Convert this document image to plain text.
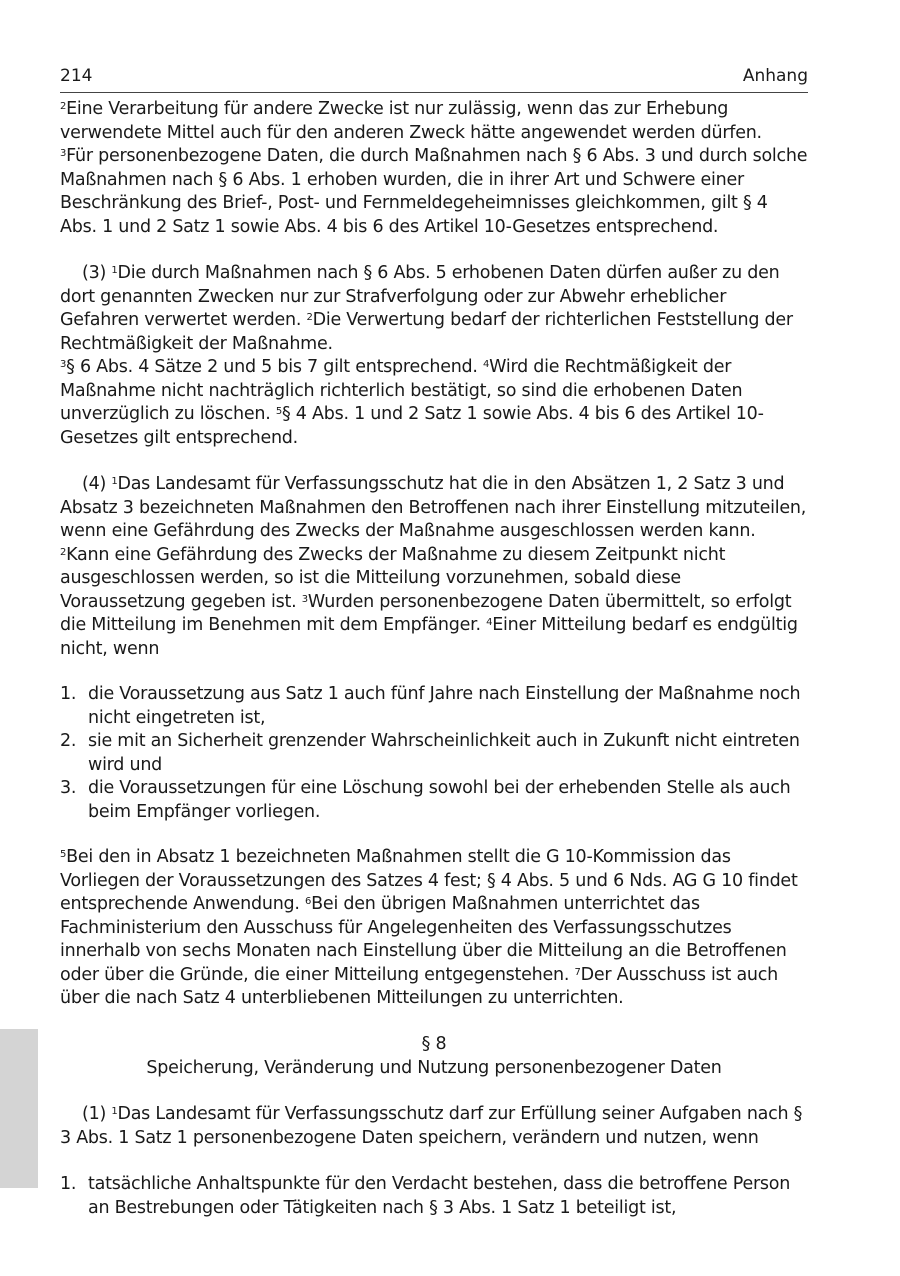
214	Anhang

$^2$Eine Verarbeitung für andere Zwecke ist nur zulässig, wenn das zur Erhebung verwendete Mittel auch für den anderen Zweck hätte angewendet werden dürfen.

$^3$Für personenbezogene Daten, die durch Maßnahmen nach § 6 Abs. 3 und durch solche Maßnahmen nach § 6 Abs. 1 erhoben wurden, die in ihrer Art und Schwere einer Beschränkung des Brief-, Post- und Fernmeldegeheimnisses gleichkommen, gilt § 4 Abs. 1 und 2 Satz 1 sowie Abs. 4 bis 6 des Artikel 10-Gesetzes entsprechend.

(3) $^1$Die durch Maßnahmen nach § 6 Abs. 5 erhobenen Daten dürfen außer zu den dort genannten Zwecken nur zur Strafverfolgung oder zur Abwehr erheblicher Gefahren verwertet werden. $^2$Die Verwertung bedarf der richterlichen Feststellung der Rechtmäßigkeit der Maßnahme.

$^3$§ 6 Abs. 4 Sätze 2 und 5 bis 7 gilt entsprechend. $^4$Wird die Rechtmäßigkeit der Maßnahme nicht nachträglich richterlich bestätigt, so sind die erhobenen Daten unverzüglich zu löschen. $^5$§ 4 Abs. 1 und 2 Satz 1 sowie Abs. 4 bis 6 des Artikel 10-Gesetzes gilt entsprechend.

(4) $^1$Das Landesamt für Verfassungsschutz hat die in den Absätzen 1, 2 Satz 3 und Absatz 3 bezeichneten Maßnahmen den Betroffenen nach ihrer Einstellung mitzuteilen, wenn eine Gefährdung des Zwecks der Maßnahme ausgeschlossen werden kann. $^2$Kann eine Gefährdung des Zwecks der Maßnahme zu diesem Zeitpunkt nicht ausgeschlossen werden, so ist die Mitteilung vorzunehmen, sobald diese Voraussetzung gegeben ist. $^3$Wurden personenbezogene Daten übermittelt, so erfolgt die Mitteilung im Benehmen mit dem Empfänger. $^4$Einer Mitteilung bedarf es endgültig nicht, wenn

1. die Voraussetzung aus Satz 1 auch fünf Jahre nach Einstellung der Maßnahme noch nicht eingetreten ist,
2. sie mit an Sicherheit grenzender Wahrscheinlichkeit auch in Zukunft nicht eintreten wird und
3. die Voraussetzungen für eine Löschung sowohl bei der erhebenden Stelle als auch beim Empfänger vorliegen.

$^5$Bei den in Absatz 1 bezeichneten Maßnahmen stellt die G 10-Kommission das Vorliegen der Voraussetzungen des Satzes 4 fest; § 4 Abs. 5 und 6 Nds. AG G 10 findet entsprechende Anwendung. $^6$Bei den übrigen Maßnahmen unterrichtet das Fachministerium den Ausschuss für Angelegenheiten des Verfassungsschutzes innerhalb von sechs Monaten nach Einstellung über die Mitteilung an die Betroffenen oder über die Gründe, die einer Mitteilung entgegenstehen. $^7$Der Ausschuss ist auch über die nach Satz 4 unterbliebenen Mitteilungen zu unterrichten.

§ 8
Speicherung, Veränderung und Nutzung personenbezogener Daten

(1) $^1$Das Landesamt für Verfassungsschutz darf zur Erfüllung seiner Aufgaben nach § 3 Abs. 1 Satz 1 personenbezogene Daten speichern, verändern und nutzen, wenn

1. tatsächliche Anhaltspunkte für den Verdacht bestehen, dass die betroffene Person an Bestrebungen oder Tätigkeiten nach § 3 Abs. 1 Satz 1 beteiligt ist,
